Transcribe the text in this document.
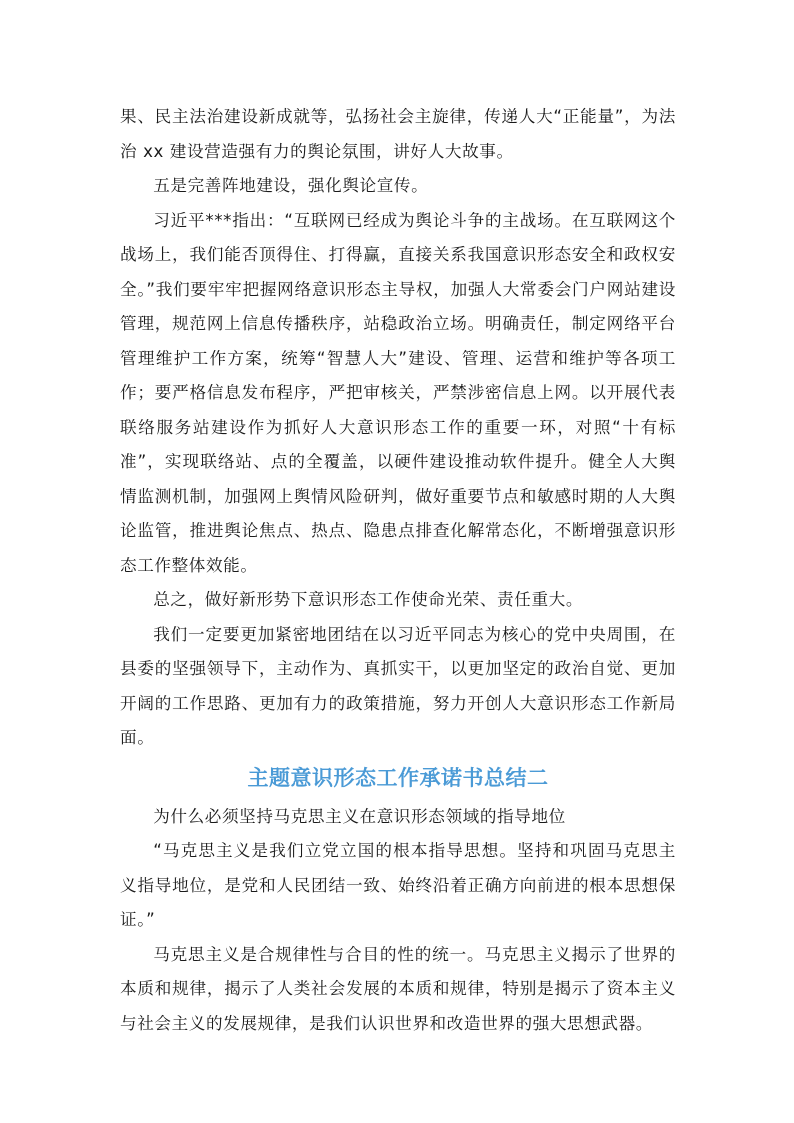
果、民主法治建设新成就等，弘扬社会主旋律，传递人大“正能量”，为法治 xx 建设营造强有力的舆论氛围，讲好人大故事。

五是完善阵地建设，强化舆论宣传。

习近平***指出：“互联网已经成为舆论斗争的主战场。在互联网这个战场上，我们能否顶得住、打得赢，直接关系我国意识形态安全和政权安全。”我们要牢牢把握网络意识形态主导权，加强人大常委会门户网站建设管理，规范网上信息传播秩序，站稳政治立场。明确责任，制定网络平台管理维护工作方案，统筹“智慧人大”建设、管理、运营和维护等各项工作；要严格信息发布程序，严把审核关，严禁涉密信息上网。以开展代表联络服务站建设作为抓好人大意识形态工作的重要一环，对照“十有标准”，实现联络站、点的全覆盖，以硬件建设推动软件提升。健全人大舆情监测机制，加强网上舆情风险研判，做好重要节点和敏感时期的人大舆论监管，推进舆论焦点、热点、隐患点排查化解常态化，不断增强意识形态工作整体效能。

总之，做好新形势下意识形态工作使命光荣、责任重大。

我们一定要更加紧密地团结在以习近平同志为核心的党中央周围，在县委的坚强领导下，主动作为、真抓实干，以更加坚定的政治自觉、更加开阔的工作思路、更加有力的政策措施，努力开创人大意识形态工作新局面。

主题意识形态工作承诺书总结二

为什么必须坚持马克思主义在意识形态领域的指导地位

“马克思主义是我们立党立国的根本指导思想。坚持和巩固马克思主义指导地位，是党和人民团结一致、始终沿着正确方向前进的根本思想保证。”

马克思主义是合规律性与合目的性的统一。马克思主义揭示了世界的本质和规律，揭示了人类社会发展的本质和规律，特别是揭示了资本主义与社会主义的发展规律，是我们认识世界和改造世界的强大思想武器。
